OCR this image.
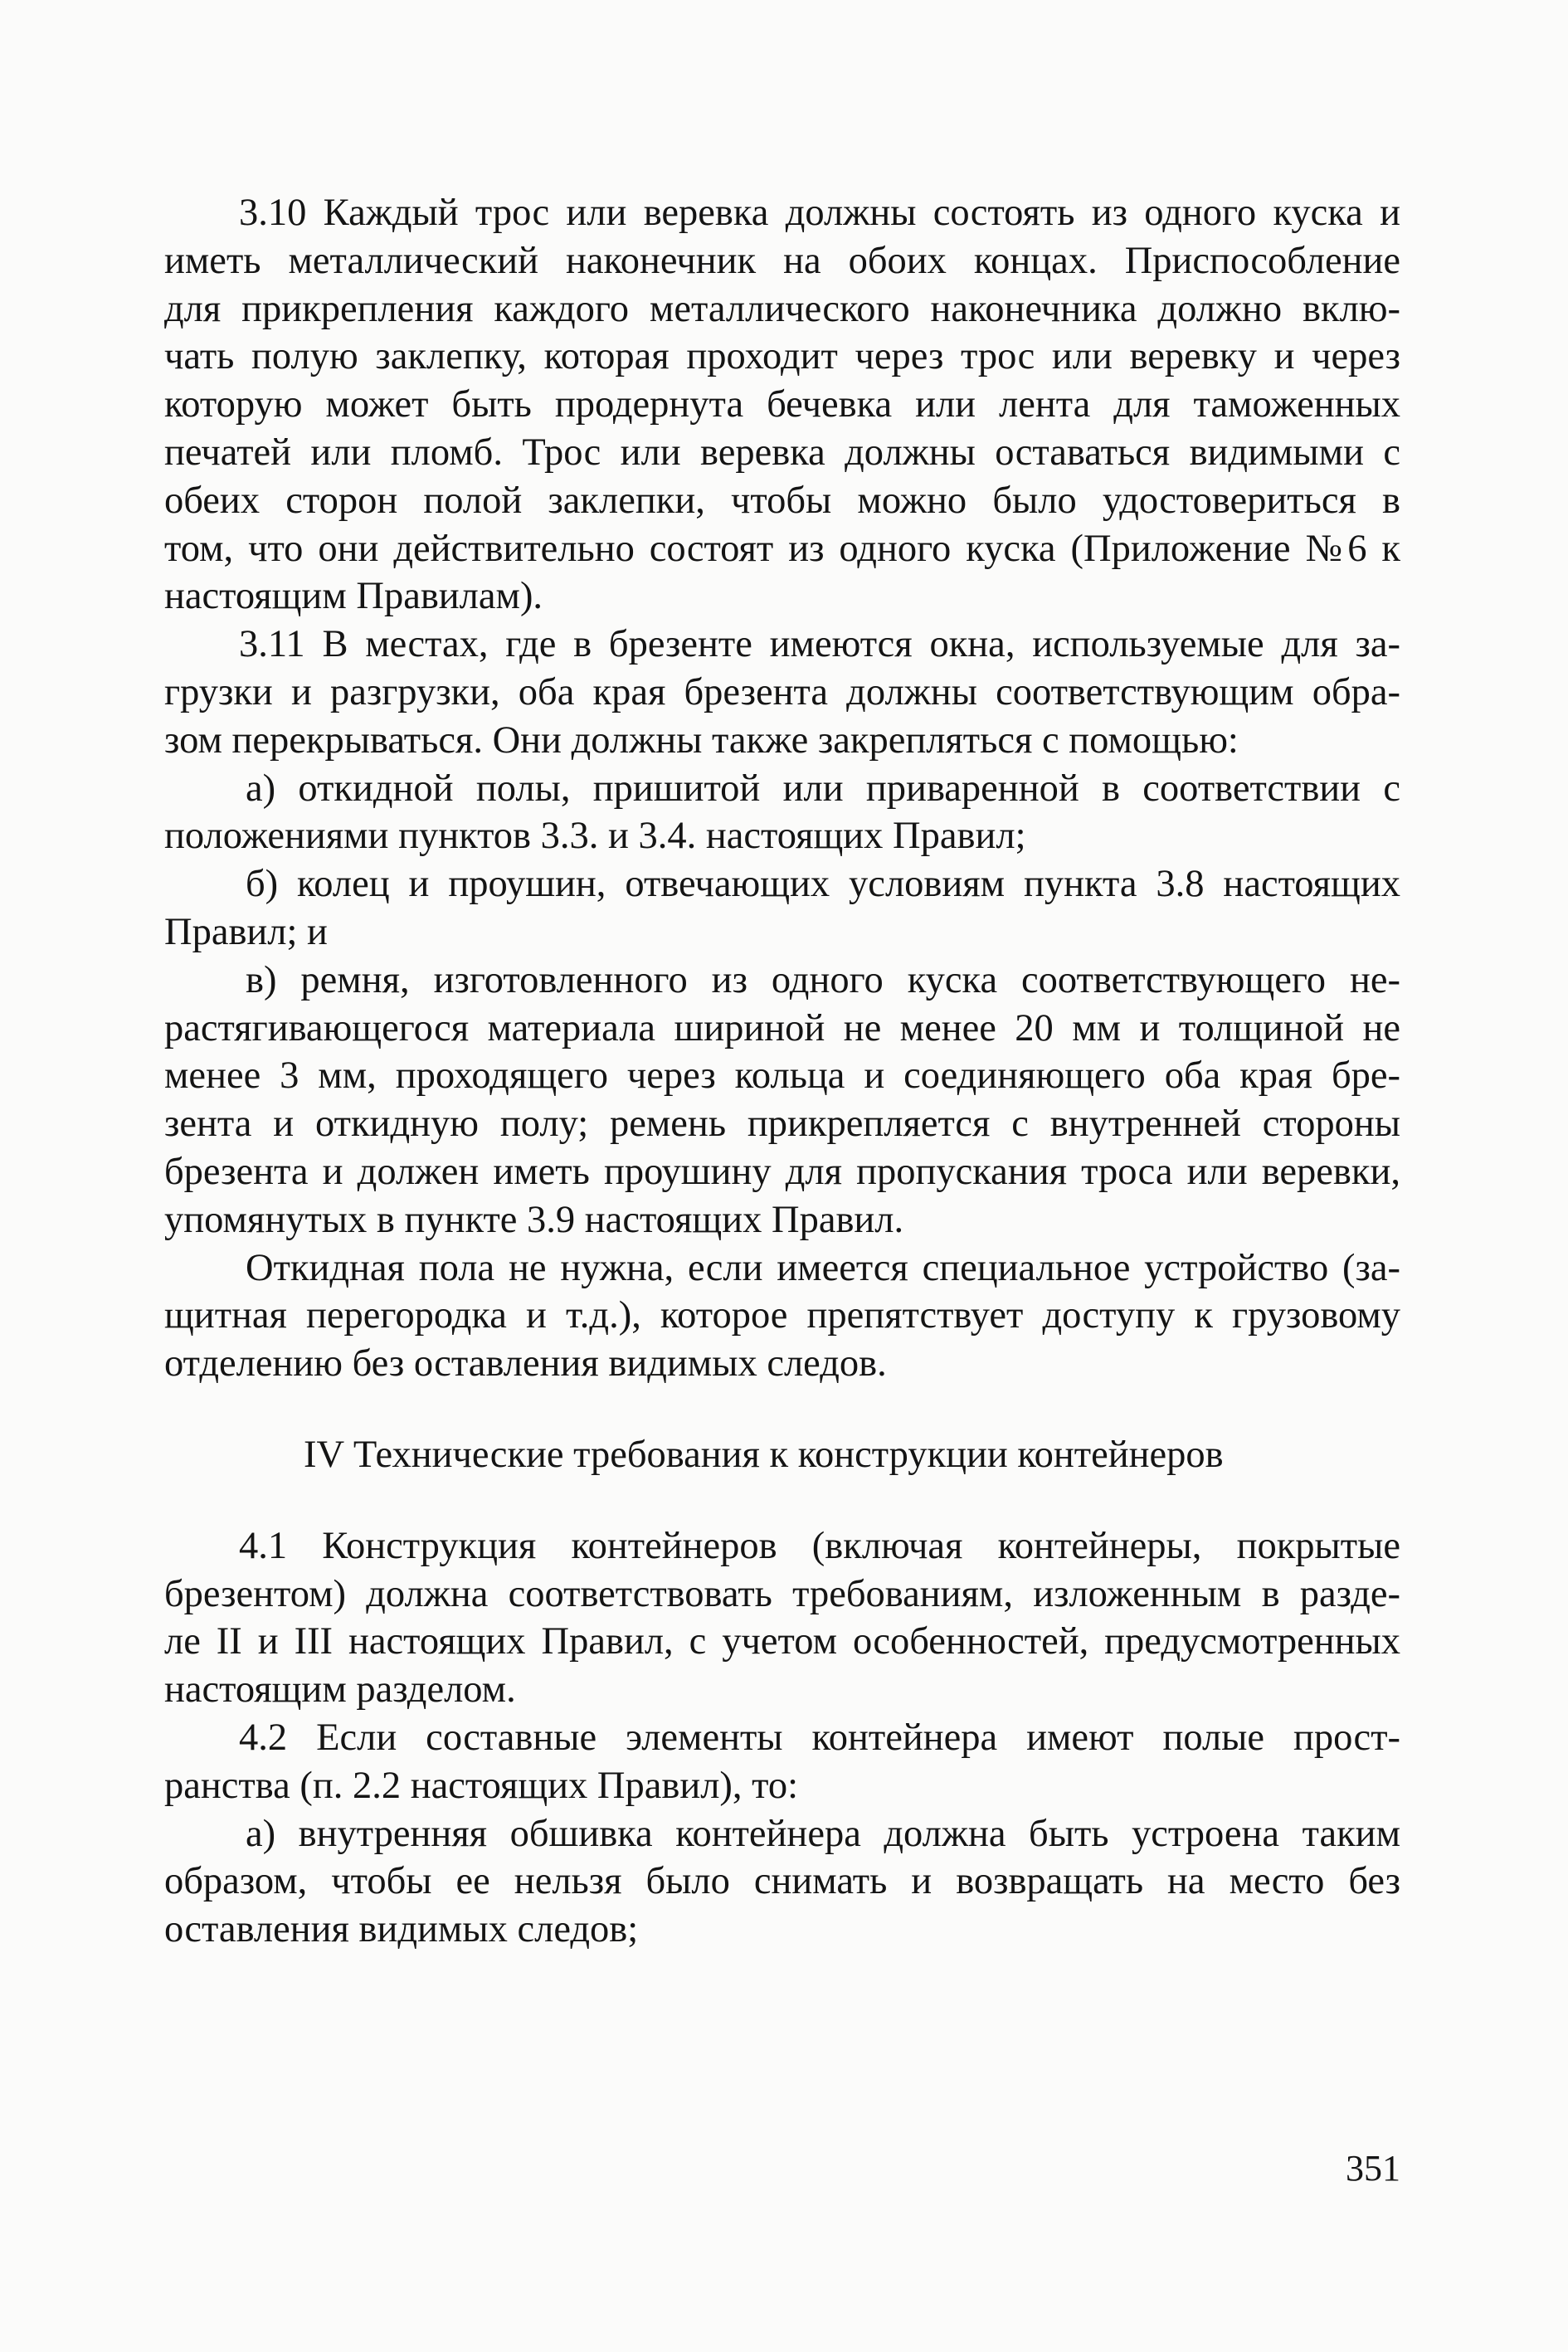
3.10 Каждый трос или веревка должны состоять из одного куска и
иметь металлический наконечник на обоих концах. Приспособление
для прикрепления каждого металлического наконечника должно вклю-
чать полую заклепку, которая проходит через трос или веревку и через
которую может быть продернута бечевка или лента для таможенных
печатей или пломб. Трос или веревка должны оставаться видимыми с
обеих сторон полой заклепки, чтобы можно было удостовериться в
том, что они действительно состоят из одного куска (Приложение №6 к
настоящим Правилам).
3.11 В местах, где в брезенте имеются окна, используемые для за-
грузки и разгрузки, оба края брезента должны соответствующим обра-
зом перекрываться. Они должны также закрепляться с помощью:
а) откидной полы, пришитой или приваренной в соответствии с
положениями пунктов 3.3. и 3.4. настоящих Правил;
б) колец и проушин, отвечающих условиям пункта 3.8 настоящих
Правил; и
в) ремня, изготовленного из одного куска соответствующего не-
растягивающегося материала шириной не менее 20 мм и толщиной не
менее 3 мм, проходящего через кольца и соединяющего оба края бре-
зента и откидную полу; ремень прикрепляется с внутренней стороны
брезента и должен иметь проушину для пропускания троса или веревки,
упомянутых в пункте 3.9 настоящих Правил.
Откидная пола не нужна, если имеется специальное устройство (за-
щитная перегородка и т.д.), которое препятствует доступу к грузовому
отделению без оставления видимых следов.
IV Технические требования к конструкции контейнеров
4.1 Конструкция контейнеров (включая контейнеры, покрытые
брезентом) должна соответствовать требованиям, изложенным в разде-
ле II и III настоящих Правил, с учетом особенностей, предусмотренных
настоящим разделом.
4.2 Если составные элементы контейнера имеют полые прост-
ранства (п. 2.2 настоящих Правил), то:
а) внутренняя обшивка контейнера должна быть устроена таким
образом, чтобы ее нельзя было снимать и возвращать на место без
оставления видимых следов;
351
